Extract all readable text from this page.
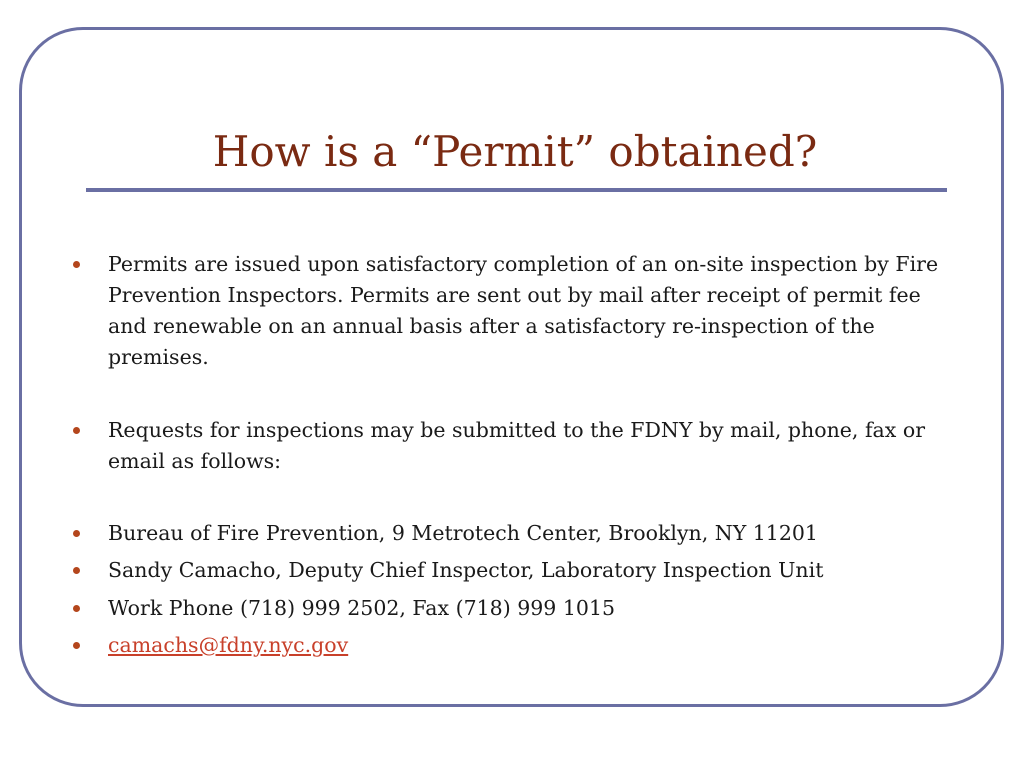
How is a “Permit” obtained?
Permits are issued upon satisfactory completion of an on-site inspection by Fire Prevention Inspectors. Permits are sent out by mail after receipt of permit fee and renewable on an annual basis after a satisfactory re-inspection of the premises.
Requests for inspections may be submitted to the FDNY by mail, phone, fax or email as follows:
Bureau of Fire Prevention, 9 Metrotech Center, Brooklyn, NY 11201
Sandy Camacho, Deputy Chief Inspector, Laboratory Inspection Unit
Work Phone (718) 999 2502, Fax (718) 999 1015
camachs@fdny.nyc.gov
